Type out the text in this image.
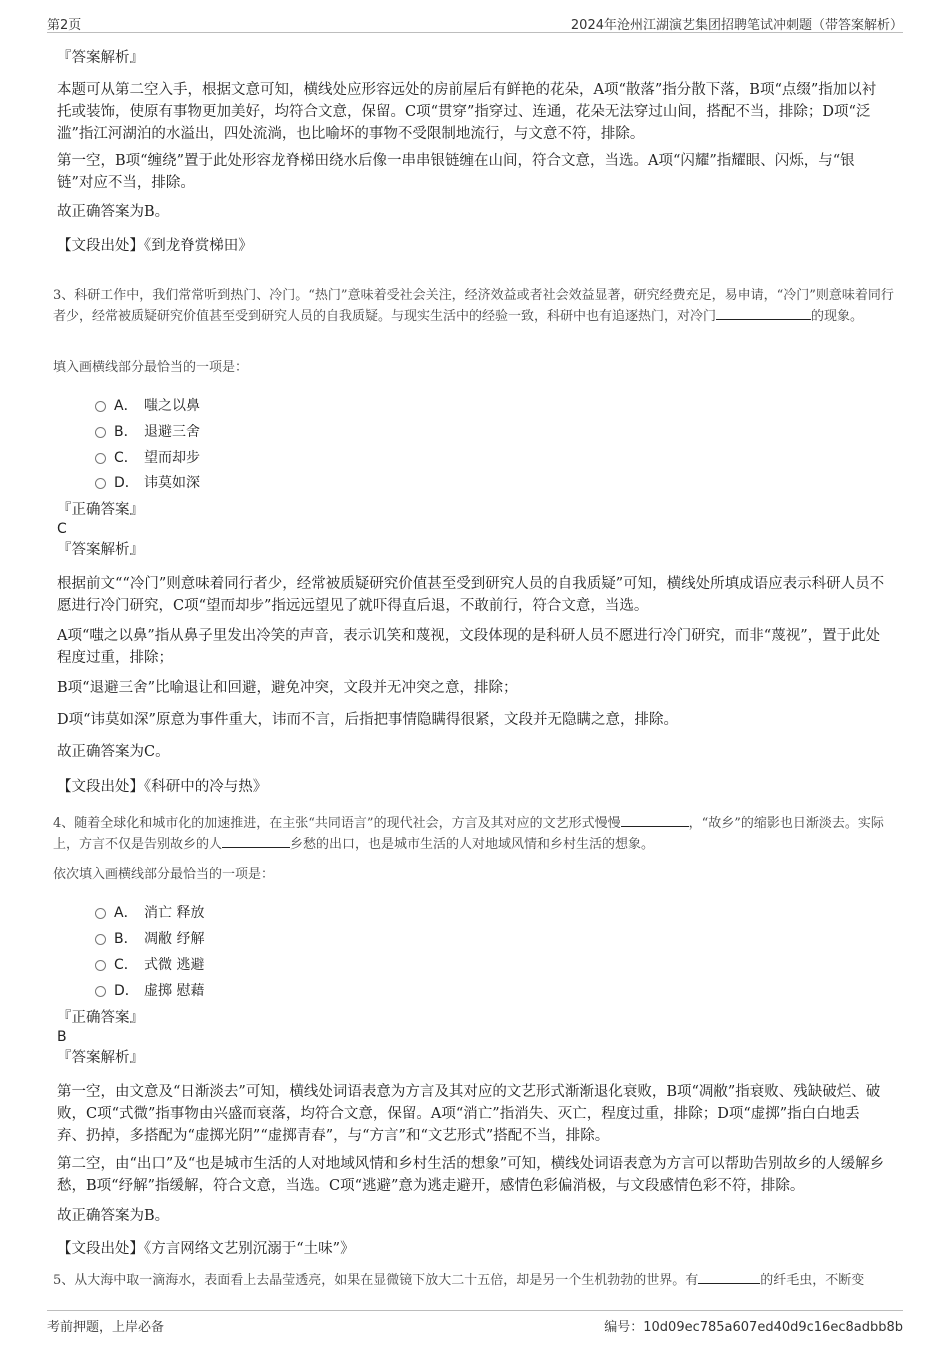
第2页	2024年沧州江湖演艺集团招聘笔试冲刺题（带答案解析）
『答案解析』

本题可从第二空入手，根据文意可知，横线处应形容远处的房前屋后有鲜艳的花朵，A项“散落”指分散下落，B项“点缀”指加以衬托或装饰，使原有事物更加美好，均符合文意，保留。C项“贯穿”指穿过、连通，花朵无法穿过山间，搭配不当，排除；D项“泛滥”指江河湖泊的水溢出，四处流淌，也比喻坏的事物不受限制地流行，与文意不符，排除。

第一空，B项“缠绕”置于此处形容龙脊梯田绕水后像一串串银链缠在山间，符合文意，当选。A项“闪耀”指耀眼、闪烁，与“银链”对应不当，排除。

故正确答案为B。

【文段出处】《到龙脊赏梯田》

3、科研工作中，我们常常听到热门、冷门。“热门”意味着受社会关注，经济效益或者社会效益显著，研究经费充足，易申请，“冷门”则意味着同行者少，经常被质疑研究价值甚至受到研究人员的自我质疑。与现实生活中的经验一致，科研中也有追逐热门，对冷门	的现象。

填入画横线部分最恰当的一项是：
A． 嗤之以鼻
B． 退避三舍
C． 望而却步
D． 讳莫如深
『正确答案』
C
『答案解析』

根据前文““冷门”则意味着同行者少，经常被质疑研究价值甚至受到研究人员的自我质疑”可知，横线处所填成语应表示科研人员不愿进行冷门研究，C项“望而却步”指远远望见了就吓得直后退，不敢前行，符合文意，当选。

A项“嗤之以鼻”指从鼻子里发出冷笑的声音，表示讥笑和蔑视，文段体现的是科研人员不愿进行冷门研究，而非“蔑视”，置于此处程度过重，排除；

B项“退避三舍”比喻退让和回避，避免冲突，文段并无冲突之意，排除；

D项“讳莫如深”原意为事件重大，讳而不言，后指把事情隐瞒得很紧，文段并无隐瞒之意，排除。

故正确答案为C。

【文段出处】《科研中的冷与热》

4、随着全球化和城市化的加速推进，在主张“共同语言”的现代社会，方言及其对应的文艺形式慢慢	，“故乡”的缩影也日渐淡去。实际上，方言不仅是告别故乡的人	乡愁的出口，也是城市生活的人对地域风情和乡村生活的想象。

依次填入画横线部分最恰当的一项是：
A． 消亡 释放
B． 凋敝 纾解
C． 式微 逃避
D． 虚掷 慰藉
『正确答案』
B
『答案解析』

第一空，由文意及“日渐淡去”可知，横线处词语表意为方言及其对应的文艺形式渐渐退化衰败，B项“凋敝”指衰败、残缺破烂、破败，C项“式微”指事物由兴盛而衰落，均符合文意，保留。A项“消亡”指消失、灭亡，程度过重，排除；D项“虚掷”指白白地丢弃、扔掉，多搭配为“虚掷光阴”“虚掷青春”，与“方言”和“文艺形式”搭配不当，排除。

第二空，由“出口”及“也是城市生活的人对地域风情和乡村生活的想象”可知，横线处词语表意为方言可以帮助告别故乡的人缓解乡愁，B项“纾解”指缓解，符合文意，当选。C项“逃避”意为逃走避开，感情色彩偏消极，与文段感情色彩不符，排除。

故正确答案为B。

【文段出处】《方言网络文艺别沉溺于“土味”》

5、从大海中取一滴海水，表面看上去晶莹透亮，如果在显微镜下放大二十五倍，却是另一个生机勃勃的世界。有	的纤毛虫，不断变

考前押题，上岸必备	编号：10d09ec785a607ed40d9c16ec8adbb8b
